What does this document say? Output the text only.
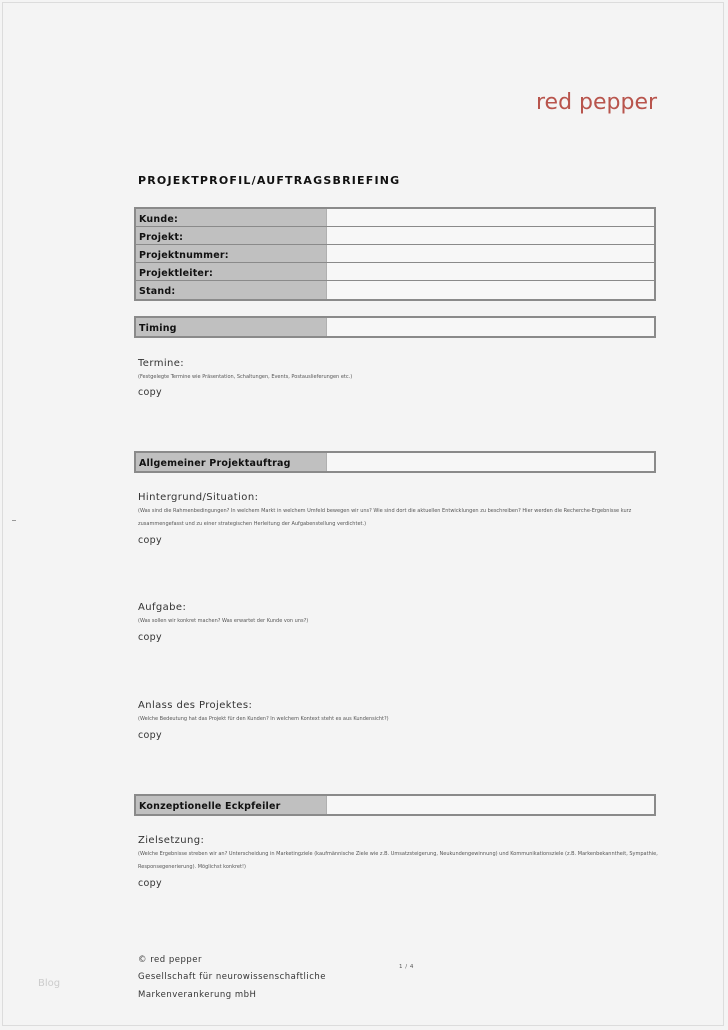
red pepper
PROJEKTPROFIL/AUFTRAGSBRIEFING
Kunde:
Projekt:
Projektnummer:
Projektleiter:
Stand:
Timing
Termine:
(Festgelegte Termine wie Präsentation, Schaltungen, Events, Postauslieferungen etc.)
copy
Allgemeiner Projektauftrag
Hintergrund/Situation:
(Was sind die Rahmenbedingungen? In welchem Markt in welchem Umfeld bewegen wir uns? Wie sind dort die aktuellen Entwicklungen zu beschreiben? Hier werden die Recherche-Ergebnisse kurz zusammengefasst und zu einer strategischen Herleitung der Aufgabenstellung verdichtet.)
copy
Aufgabe:
(Was sollen wir konkret machen? Was erwartet der Kunde von uns?)
copy
Anlass des Projektes:
(Welche Bedeutung hat das Projekt für den Kunden? In welchem Kontext steht es aus Kundensicht?)
copy
Konzeptionelle Eckpfeiler
Zielsetzung:
(Welche Ergebnisse streben wir an? Unterscheidung in Marketingziele (kaufmännische Ziele wie z.B. Umsatzsteigerung, Neukundengewinnung) und Kommunikationsziele (z.B. Markenbekanntheit, Sympathie, Responsegenerierung). Möglichst konkret!)
copy
© red pepper
Gesellschaft für neurowissenschaftliche
Markenverankerung mbH
1 / 4
Blog
